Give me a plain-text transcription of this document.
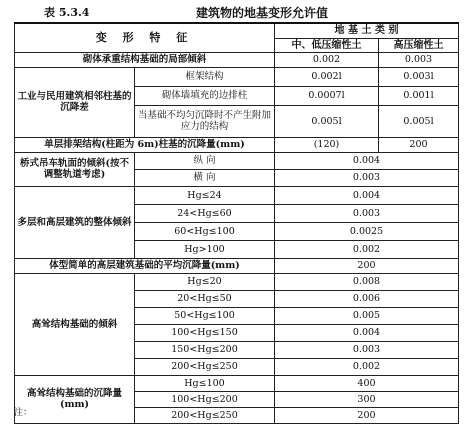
表 5.3.4	建筑物的地基变形允许值
变 形 特 征		地 基 土 类 别	
		中、低压缩性土	高压缩性土
砌体承重结构基础的局部倾斜		0.002	0.003
工业与民用建筑相邻柱基的沉降差	框架结构	0.002l	0.003l
	砌体墙填充的边排柱	0.0007l	0.001l
	当基础不均匀沉降时不产生附加应力的结构	0.005l	0.005l
单层排架结构(柱距为 6m)柱基的沉降量(mm)		(120)	200
桥式吊车轨面的倾斜(按不调整轨道考虑)	纵 向	0.004	
	横 向	0.003	
多层和高层建筑的整体倾斜	Hg≤24	0.004	
	24<Hg≤60	0.003	
	60<Hg≤100	0.0025	
	Hg>100	0.002	
体型简单的高层建筑基础的平均沉降量(mm)		200	
高耸结构基础的倾斜	Hg≤20	0.008	
	20<Hg≤50	0.006	
	50<Hg≤100	0.005	
	100<Hg≤150	0.004	
	150<Hg≤200	0.003	
	200<Hg≤250	0.002	
高耸结构基础的沉降量(mm)	Hg≤100	400	
	100<Hg≤200	300	
	200<Hg≤250	200	
注：
